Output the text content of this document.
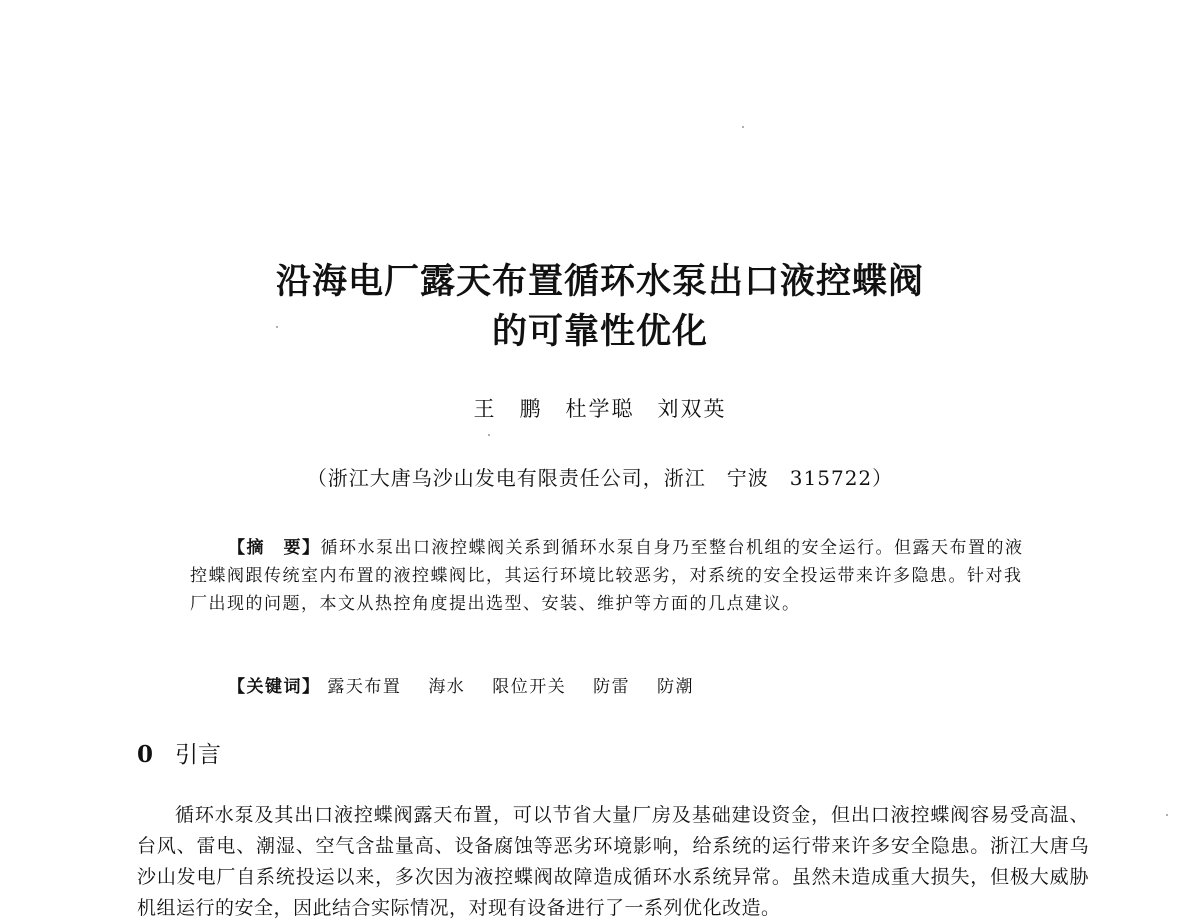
沿海电厂露天布置循环水泵出口液控蝶阀
的可靠性优化
王　鹏　杜学聪　刘双英
（浙江大唐乌沙山发电有限责任公司，浙江　宁波　315722）

【摘　要】循环水泵出口液控蝶阀关系到循环水泵自身乃至整台机组的安全运行。但露天布置的液控蝶阀跟传统室内布置的液控蝶阀比，其运行环境比较恶劣，对系统的安全投运带来许多隐患。针对我厂出现的问题，本文从热控角度提出选型、安装、维护等方面的几点建议。

【关键词】 露天布置 海水 限位开关 防雷 防潮
0 引言

循环水泵及其出口液控蝶阀露天布置，可以节省大量厂房及基础建设资金，但出口液控蝶阀容易受高温、台风、雷电、潮湿、空气含盐量高、设备腐蚀等恶劣环境影响，给系统的运行带来许多安全隐患。浙江大唐乌沙山发电厂自系统投运以来，多次因为液控蝶阀故障造成循环水系统异常。虽然未造成重大损失，但极大威胁机组运行的安全，因此结合实际情况，对现有设备进行了一系列优化改造。
